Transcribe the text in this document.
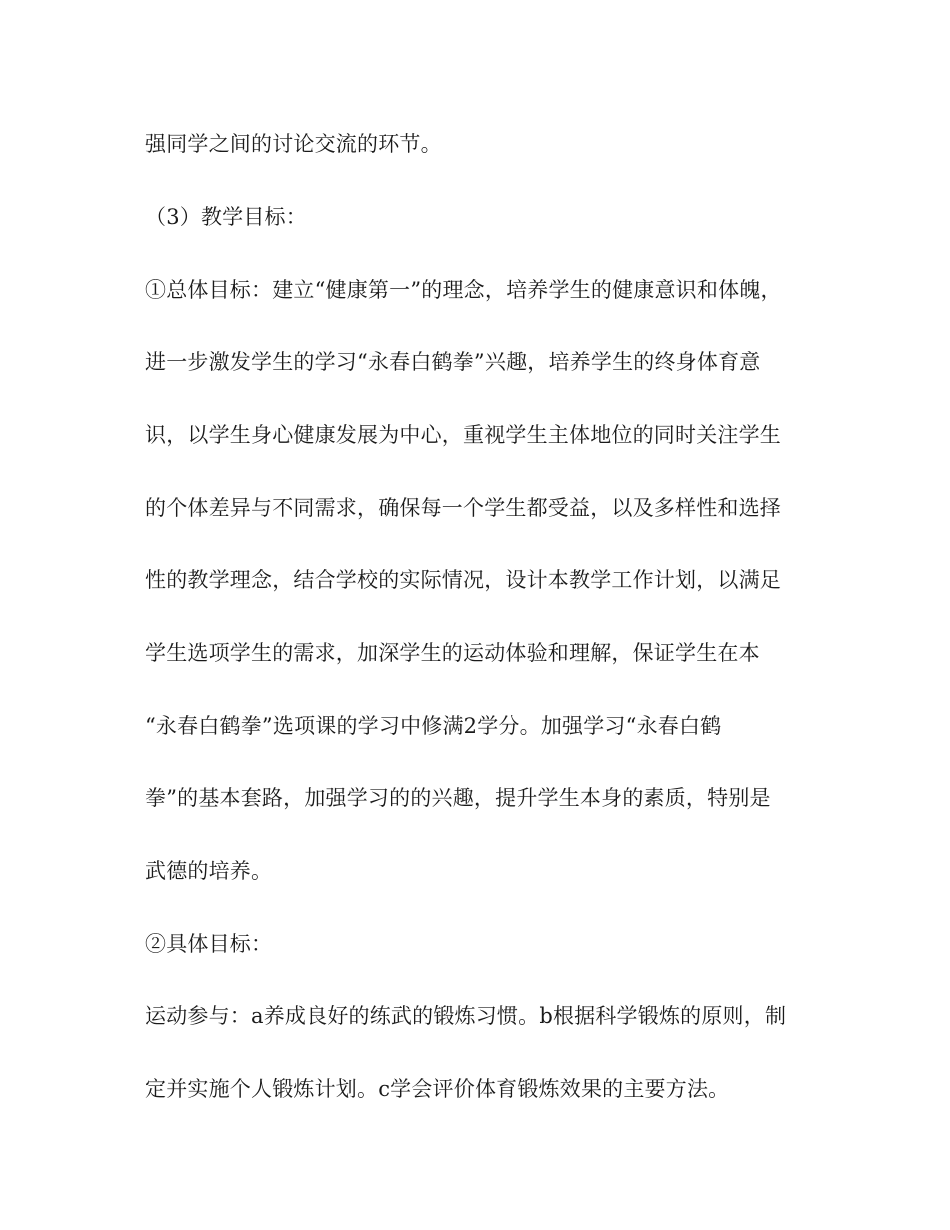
强同学之间的讨论交流的环节。
（3）教学目标：
①总体目标：建立“健康第一”的理念，培养学生的健康意识和体魄，
进一步激发学生的学习“永春白鹤拳”兴趣，培养学生的终身体育意
识，以学生身心健康发展为中心，重视学生主体地位的同时关注学生
的个体差异与不同需求，确保每一个学生都受益，以及多样性和选择
性的教学理念，结合学校的实际情况，设计本教学工作计划，以满足
学生选项学生的需求，加深学生的运动体验和理解，保证学生在本
“永春白鹤拳”选项课的学习中修满2学分。加强学习“永春白鹤
拳”的基本套路，加强学习的的兴趣，提升学生本身的素质，特别是
武德的培养。
②具体目标：
运动参与：a养成良好的练武的锻炼习惯。b根据科学锻炼的原则，制
定并实施个人锻炼计划。c学会评价体育锻炼效果的主要方法。
